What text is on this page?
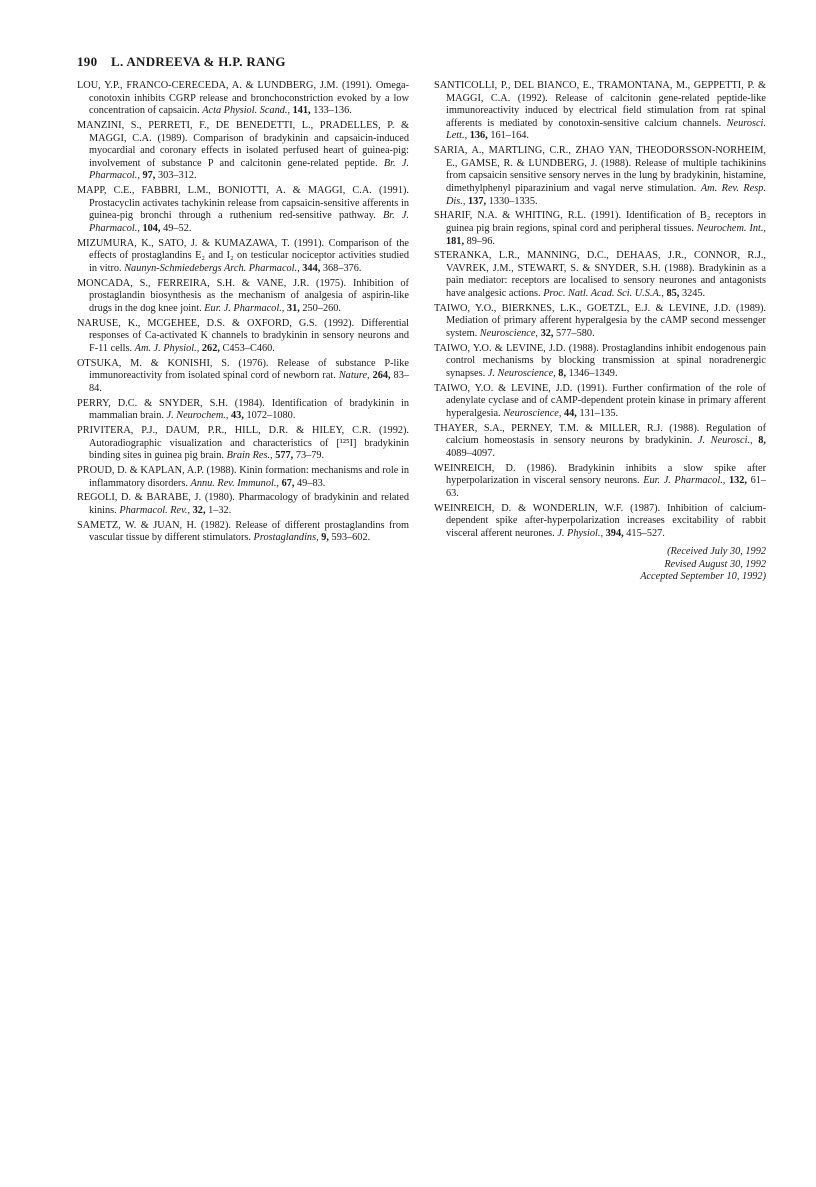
190 L. ANDREEVA & H.P. RANG

LOU, Y.P., FRANCO-CERECEDA, A. & LUNDBERG, J.M. (1991). Omega-conotoxin inhibits CGRP release and bronchoconstriction evoked by a low concentration of capsaicin. Acta Physiol. Scand., 141, 133–136.

MANZINI, S., PERRETI, F., DE BENEDETTI, L., PRADELLES, P. & MAGGI, C.A. (1989). Comparison of bradykinin and capsaicin-induced myocardial and coronary effects in isolated perfused heart of guinea-pig: involvement of substance P and calcitonin gene-related peptide. Br. J. Pharmacol., 97, 303–312.

MAPP, C.E., FABBRI, L.M., BONIOTTI, A. & MAGGI, C.A. (1991). Prostacyclin activates tachykinin release from capsaicin-sensitive afferents in guinea-pig bronchi through a ruthenium red-sensitive pathway. Br. J. Pharmacol., 104, 49–52.

MIZUMURA, K., SATO, J. & KUMAZAWA, T. (1991). Comparison of the effects of prostaglandins E₂ and I₂ on testicular nociceptor activities studied in vitro. Naunyn-Schmiedebergs Arch. Pharmacol., 344, 368–376.

MONCADA, S., FERREIRA, S.H. & VANE, J.R. (1975). Inhibition of prostaglandin biosynthesis as the mechanism of analgesia of aspirin-like drugs in the dog knee joint. Eur. J. Pharmacol., 31, 250–260.

NARUSE, K., MCGEHEE, D.S. & OXFORD, G.S. (1992). Differential responses of Ca-activated K channels to bradykinin in sensory neurons and F-11 cells. Am. J. Physiol., 262, C453–C460.

OTSUKA, M. & KONISHI, S. (1976). Release of substance P-like immunoreactivity from isolated spinal cord of newborn rat. Nature, 264, 83–84.

PERRY, D.C. & SNYDER, S.H. (1984). Identification of bradykinin in mammalian brain. J. Neurochem., 43, 1072–1080.

PRIVITERA, P.J., DAUM, P.R., HILL, D.R. & HILEY, C.R. (1992). Autoradiographic visualization and characteristics of [¹²⁵I] bradykinin binding sites in guinea pig brain. Brain Res., 577, 73–79.

PROUD, D. & KAPLAN, A.P. (1988). Kinin formation: mechanisms and role in inflammatory disorders. Annu. Rev. Immunol., 67, 49–83.

REGOLI, D. & BARABE, J. (1980). Pharmacology of bradykinin and related kinins. Pharmacol. Rev., 32, 1–32.

SAMETZ, W. & JUAN, H. (1982). Release of different prostaglandins from vascular tissue by different stimulators. Prostaglandins, 9, 593–602.

SANTICOLLI, P., DEL BIANCO, E., TRAMONTANA, M., GEPPETTI, P. & MAGGI, C.A. (1992). Release of calcitonin gene-related peptide-like immunoreactivity induced by electrical field stimulation from rat spinal afferents is mediated by conotoxin-sensitive calcium channels. Neurosci. Lett., 136, 161–164.

SARIA, A., MARTLING, C.R., ZHAO YAN, THEODORSSON-NORHEIM, E., GAMSE, R. & LUNDBERG, J. (1988). Release of multiple tachikinins from capsaicin sensitive sensory nerves in the lung by bradykinin, histamine, dimethylphenyl piparazinium and vagal nerve stimulation. Am. Rev. Resp. Dis., 137, 1330–1335.

SHARIF, N.A. & WHITING, R.L. (1991). Identification of B₂ receptors in guinea pig brain regions, spinal cord and peripheral tissues. Neurochem. Int., 181, 89–96.

STERANKA, L.R., MANNING, D.C., DEHAAS, J.R., CONNOR, R.J., VAVREK, J.M., STEWART, S. & SNYDER, S.H. (1988). Bradykinin as a pain mediator: receptors are localised to sensory neurones and antagonists have analgesic actions. Proc. Natl. Acad. Sci. U.S.A., 85, 3245.

TAIWO, Y.O., BIERKNES, L.K., GOETZL, E.J. & LEVINE, J.D. (1989). Mediation of primary afferent hyperalgesia by the cAMP second messenger system. Neuroscience, 32, 577–580.

TAIWO, Y.O. & LEVINE, J.D. (1988). Prostaglandins inhibit endogenous pain control mechanisms by blocking transmission at spinal noradrenergic synapses. J. Neuroscience, 8, 1346–1349.

TAIWO, Y.O. & LEVINE, J.D. (1991). Further confirmation of the role of adenylate cyclase and of cAMP-dependent protein kinase in primary afferent hyperalgesia. Neuroscience, 44, 131–135.

THAYER, S.A., PERNEY, T.M. & MILLER, R.J. (1988). Regulation of calcium homeostasis in sensory neurons by bradykinin. J. Neurosci., 8, 4089–4097.

WEINREICH, D. (1986). Bradykinin inhibits a slow spike after hyperpolarization in visceral sensory neurons. Eur. J. Pharmacol., 132, 61–63.

WEINREICH, D. & WONDERLIN, W.F. (1987). Inhibition of calcium-dependent spike after-hyperpolarization increases excitability of rabbit visceral afferent neurones. J. Physiol., 394, 415–527.

(Received July 30, 1992
Revised August 30, 1992
Accepted September 10, 1992)
